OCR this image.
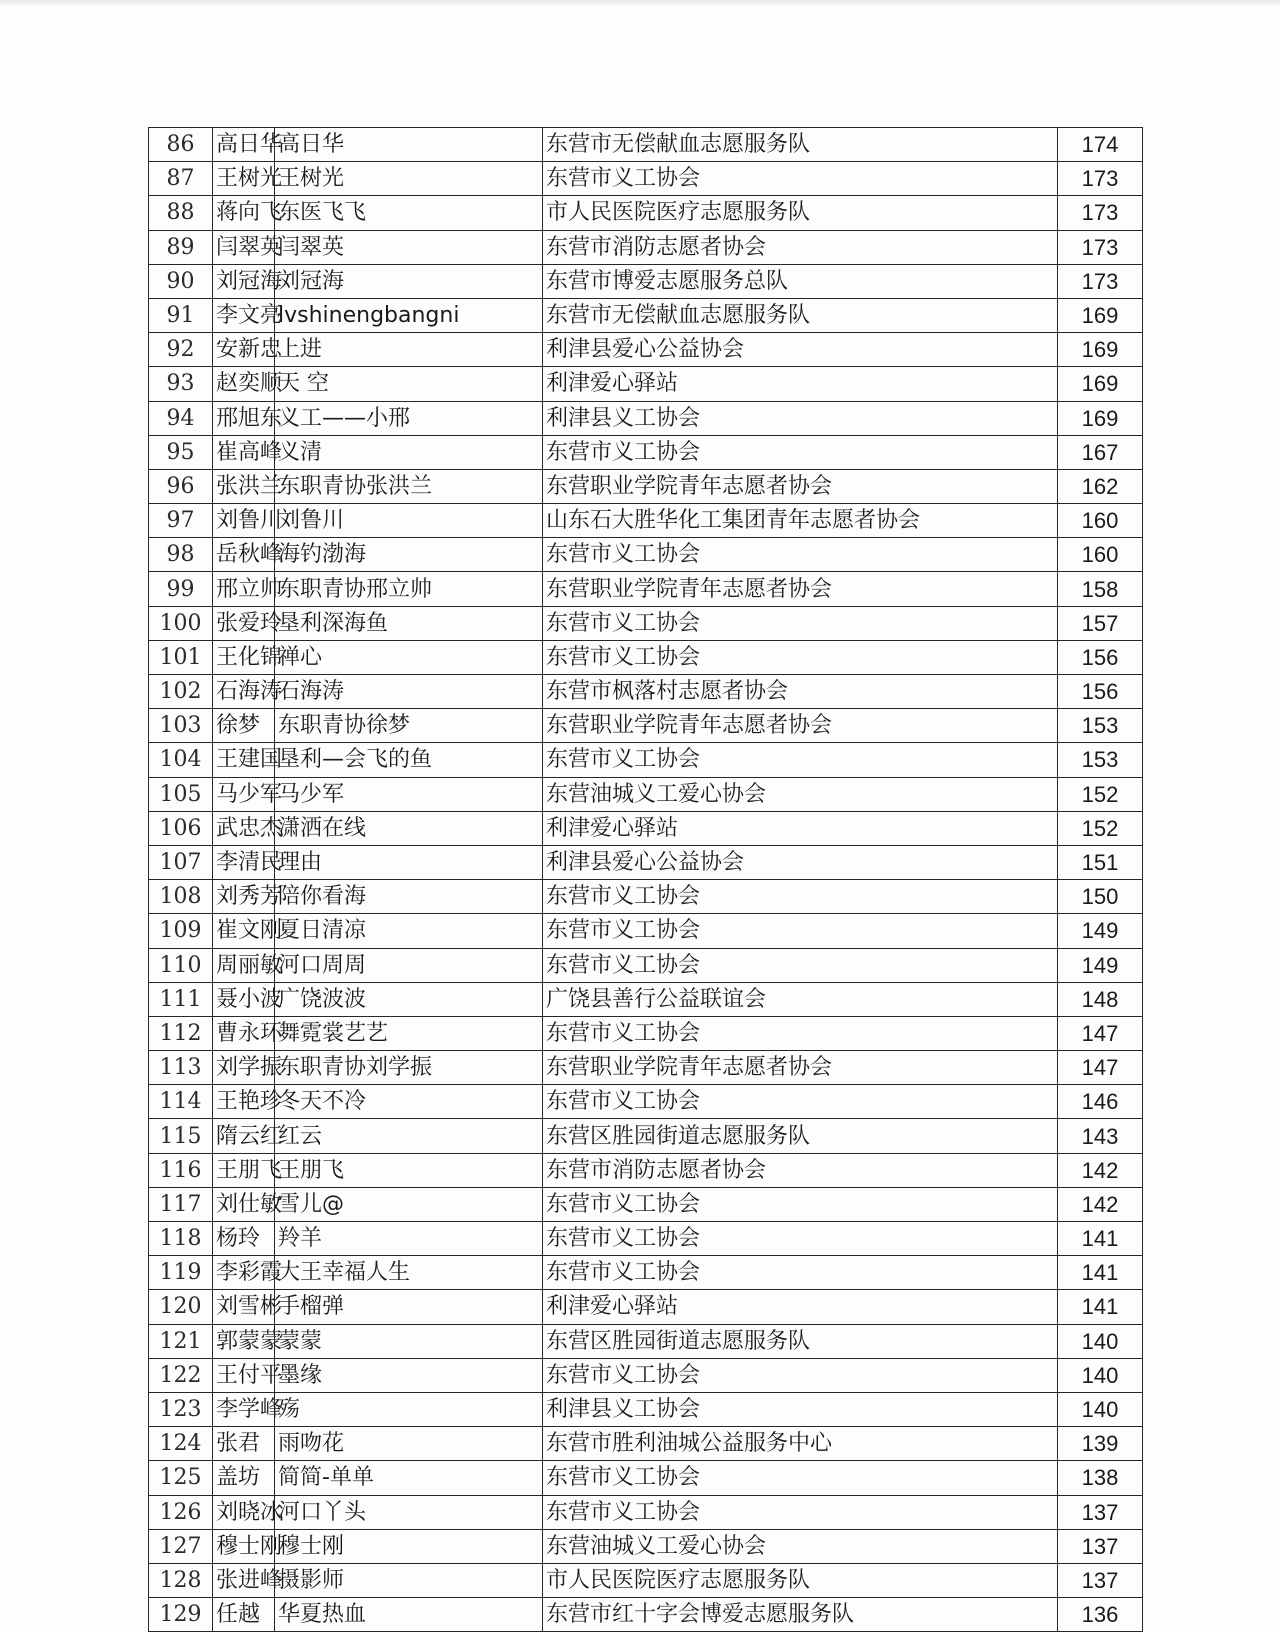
86	高日华	高日华	东营市无偿献血志愿服务队	174
87	王树光	王树光	东营市义工协会	173
88	蒋向飞	东医飞飞	市人民医院医疗志愿服务队	173
89	闫翠英	闫翠英	东营市消防志愿者协会	173
90	刘冠海	刘冠海	东营市博爱志愿服务总队	173
91	李文亮	lvshinengbangni	东营市无偿献血志愿服务队	169
92	安新忠	上进	利津县爱心公益协会	169
93	赵奕顺	天 空	利津爱心驿站	169
94	邢旭东	义工——小邢	利津县义工协会	169
95	崔高峰	义清	东营市义工协会	167
96	张洪兰	东职青协张洪兰	东营职业学院青年志愿者协会	162
97	刘鲁川	刘鲁川	山东石大胜华化工集团青年志愿者协会	160
98	岳秋峰	海钓渤海	东营市义工协会	160
99	邢立帅	东职青协邢立帅	东营职业学院青年志愿者协会	158
100	张爱玲	垦利深海鱼	东营市义工协会	157
101	王化锦	禅心	东营市义工协会	156
102	石海涛	石海涛	东营市枫落村志愿者协会	156
103	徐梦	东职青协徐梦	东营职业学院青年志愿者协会	153
104	王建国	垦利—会飞的鱼	东营市义工协会	153
105	马少军	马少军	东营油城义工爱心协会	152
106	武忠杰	潇洒在线	利津爱心驿站	152
107	李清民	理由	利津县爱心公益协会	151
108	刘秀芳	陪你看海	东营市义工协会	150
109	崔文刚	夏日清凉	东营市义工协会	149
110	周丽敏	河口周周	东营市义工协会	149
111	聂小波	广饶波波	广饶县善行公益联谊会	148
112	曹永环	舞霓裳艺艺	东营市义工协会	147
113	刘学振	东职青协刘学振	东营职业学院青年志愿者协会	147
114	王艳珍	冬天不冷	东营市义工协会	146
115	隋云红	红云	东营区胜园街道志愿服务队	143
116	王朋飞	王朋飞	东营市消防志愿者协会	142
117	刘仕敏	雪儿@	东营市义工协会	142
118	杨玲	羚羊	东营市义工协会	141
119	李彩霞	大王幸福人生	东营市义工协会	141
120	刘雪彬	手榴弹	利津爱心驿站	141
121	郭蒙蒙	蒙蒙	东营区胜园街道志愿服务队	140
122	王付平	墨缘	东营市义工协会	140
123	李学峰	殇	利津县义工协会	140
124	张君	雨吻花	东营市胜利油城公益服务中心	139
125	盖坊	简简-单单	东营市义工协会	138
126	刘晓冰	河口丫头	东营市义工协会	137
127	穆士刚	穆士刚	东营油城义工爱心协会	137
128	张进峰	摄影师	市人民医院医疗志愿服务队	137
129	任越	华夏热血	东营市红十字会博爱志愿服务队	136
